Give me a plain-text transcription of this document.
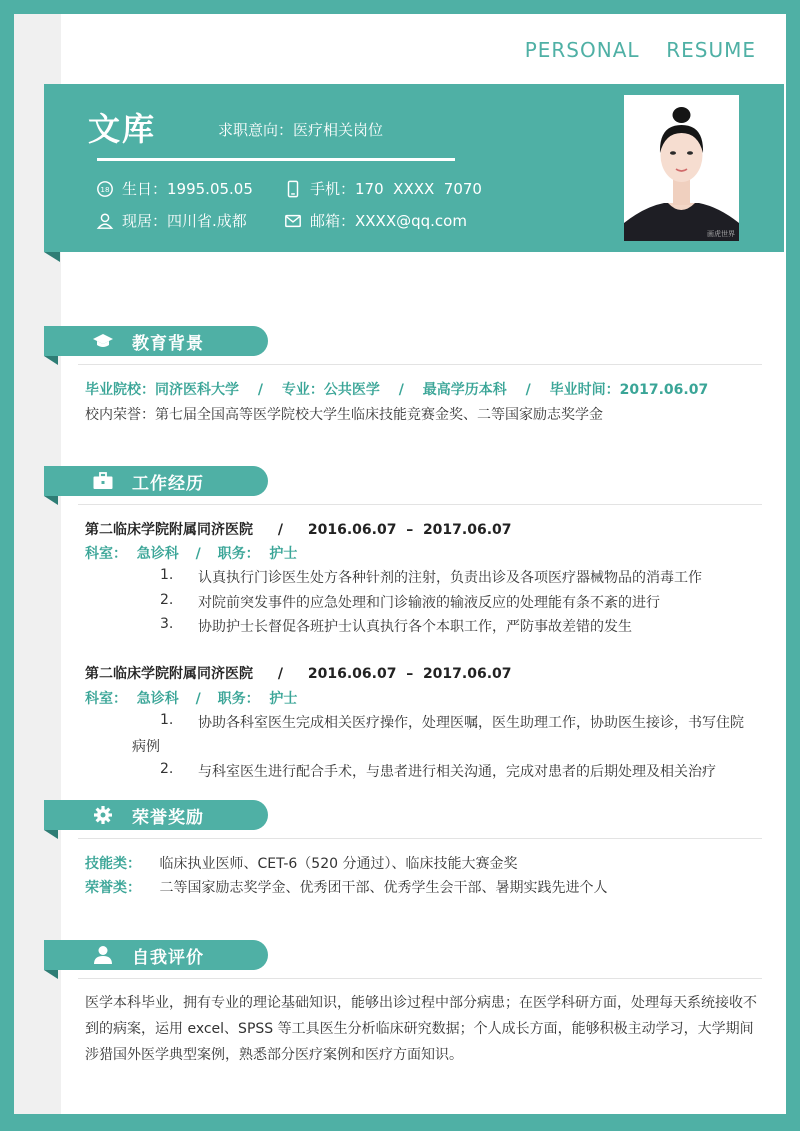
PERSONAL  RESUME
文库	求职意向：医疗相关岗位
18 生日：1995.05.05	手机：170  XXXX  7070
现居：四川省.成都	邮箱：XXXX@qq.com
画虎世界
教育背景
毕业院校：同济医科大学 / 专业：公共医学 / 最高学历本科 / 毕业时间：2017.06.07
校内荣誉：第七届全国高等医学院校大学生临床技能竞赛金奖、二等国家励志奖学金
工作经历
第二临床学院附属同济医院 / 2016.06.07  –  2017.06.07
科室：  急诊科 / 职务：  护士
1. 认真执行门诊医生处方各种针剂的注射，负责出诊及各项医疗器械物品的消毒工作
2. 对院前突发事件的应急处理和门诊输液的输液反应的处理能有条不紊的进行
3. 协助护士长督促各班护士认真执行各个本职工作，严防事故差错的发生
第二临床学院附属同济医院 / 2016.06.07  –  2017.06.07
科室：  急诊科 / 职务：  护士
1. 协助各科室医生完成相关医疗操作，处理医嘱，医生助理工作，协助医生接诊，书写住院
病例
2. 与科室医生进行配合手术，与患者进行相关沟通，完成对患者的后期处理及相关治疗
荣誉奖励
技能类： 临床执业医师、CET-6（520 分通过）、临床技能大赛金奖
荣誉类： 二等国家励志奖学金、优秀团干部、优秀学生会干部、暑期实践先进个人
自我评价
医学本科毕业，拥有专业的理论基础知识，能够出诊过程中部分病患；在医学科研方面，处理每天系统接收不到的病案，运用 excel、SPSS 等工具医生分析临床研究数据；个人成长方面，能够积极主动学习，大学期间涉猎国外医学典型案例，熟悉部分医疗案例和医疗方面知识。
